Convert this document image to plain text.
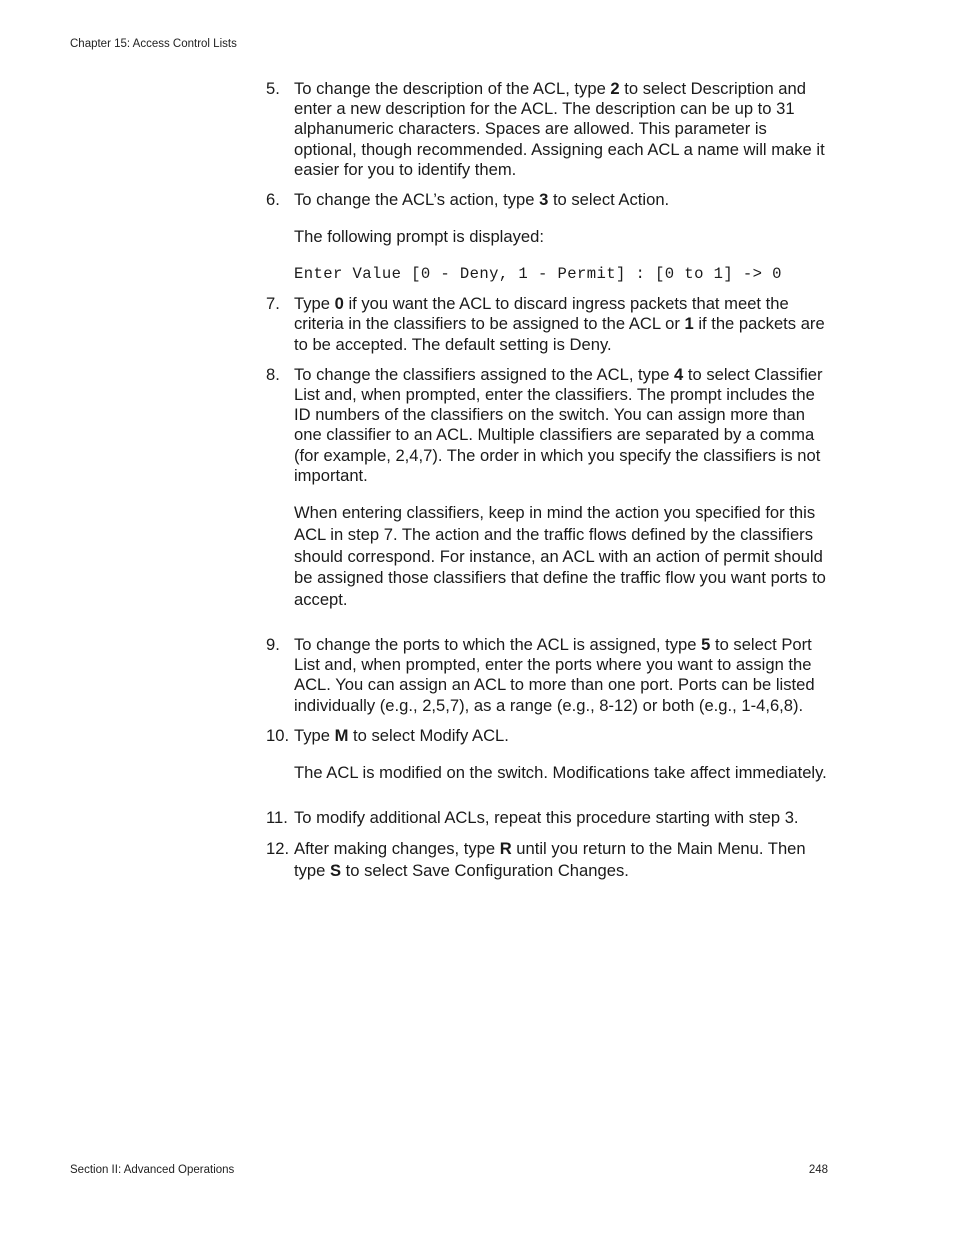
Chapter 15: Access Control Lists
5. To change the description of the ACL, type 2 to select Description and enter a new description for the ACL. The description can be up to 31 alphanumeric characters. Spaces are allowed. This parameter is optional, though recommended. Assigning each ACL a name will make it easier for you to identify them.

6. To change the ACL’s action, type 3 to select Action.

The following prompt is displayed:

Enter Value [0 - Deny, 1 - Permit] : [0 to 1] -> 0
7. Type 0 if you want the ACL to discard ingress packets that meet the criteria in the classifiers to be assigned to the ACL or 1 if the packets are to be accepted. The default setting is Deny.

8. To change the classifiers assigned to the ACL, type 4 to select Classifier List and, when prompted, enter the classifiers. The prompt includes the ID numbers of the classifiers on the switch. You can assign more than one classifier to an ACL. Multiple classifiers are separated by a comma (for example, 2,4,7). The order in which you specify the classifiers is not important.

When entering classifiers, keep in mind the action you specified for this ACL in step 7. The action and the traffic flows defined by the classifiers should correspond. For instance, an ACL with an action of permit should be assigned those classifiers that define the traffic flow you want ports to accept.

9. To change the ports to which the ACL is assigned, type 5 to select Port List and, when prompted, enter the ports where you want to assign the ACL. You can assign an ACL to more than one port. Ports can be listed individually (e.g., 2,5,7), as a range (e.g., 8-12) or both (e.g., 1-4,6,8).

10. Type M to select Modify ACL.

The ACL is modified on the switch. Modifications take affect immediately.

11. To modify additional ACLs, repeat this procedure starting with step 3.

12. After making changes, type R until you return to the Main Menu. Then type S to select Save Configuration Changes.

Section II: Advanced Operations	248
